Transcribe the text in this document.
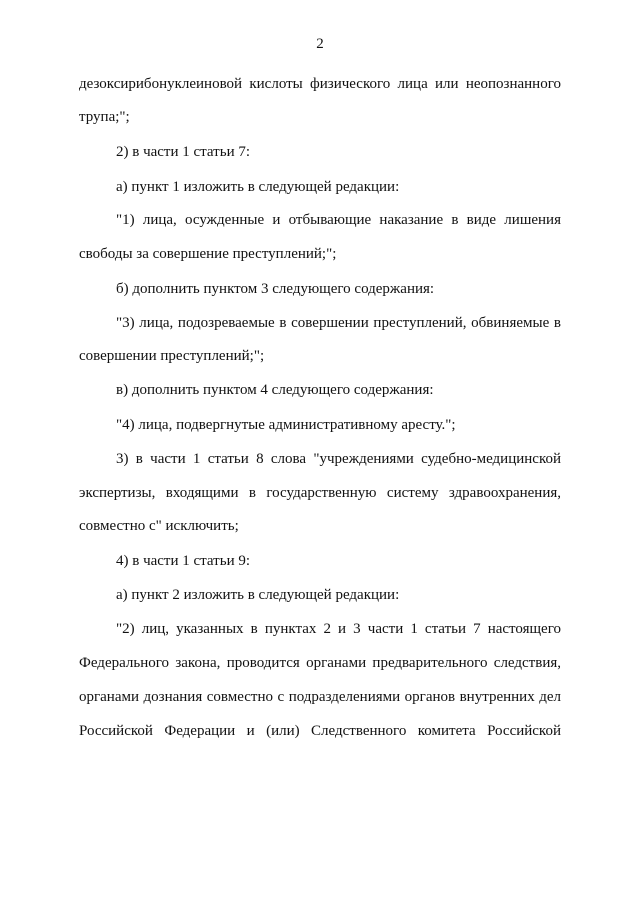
2
дезоксирибонуклеиновой кислоты физического лица или неопознанного
трупа;";
2) в части 1 статьи 7:
а) пункт 1 изложить в следующей редакции:
"1) лица, осужденные и отбывающие наказание в виде лишения
свободы за совершение преступлений;";
б) дополнить пунктом 3 следующего содержания:
"3) лица, подозреваемые в совершении преступлений, обвиняемые в
совершении преступлений;";
в) дополнить пунктом 4 следующего содержания:
"4) лица, подвергнутые административному аресту.";
3) в части 1 статьи 8 слова "учреждениями судебно-медицинской
экспертизы, входящими в государственную систему здравоохранения,
совместно с" исключить;
4) в части 1 статьи 9:
а) пункт 2 изложить в следующей редакции:
"2) лиц, указанных в пунктах 2 и 3 части 1 статьи 7 настоящего
Федерального закона, проводится органами предварительного следствия,
органами дознания совместно с подразделениями органов внутренних дел
Российской Федерации и (или) Следственного комитета Российской
